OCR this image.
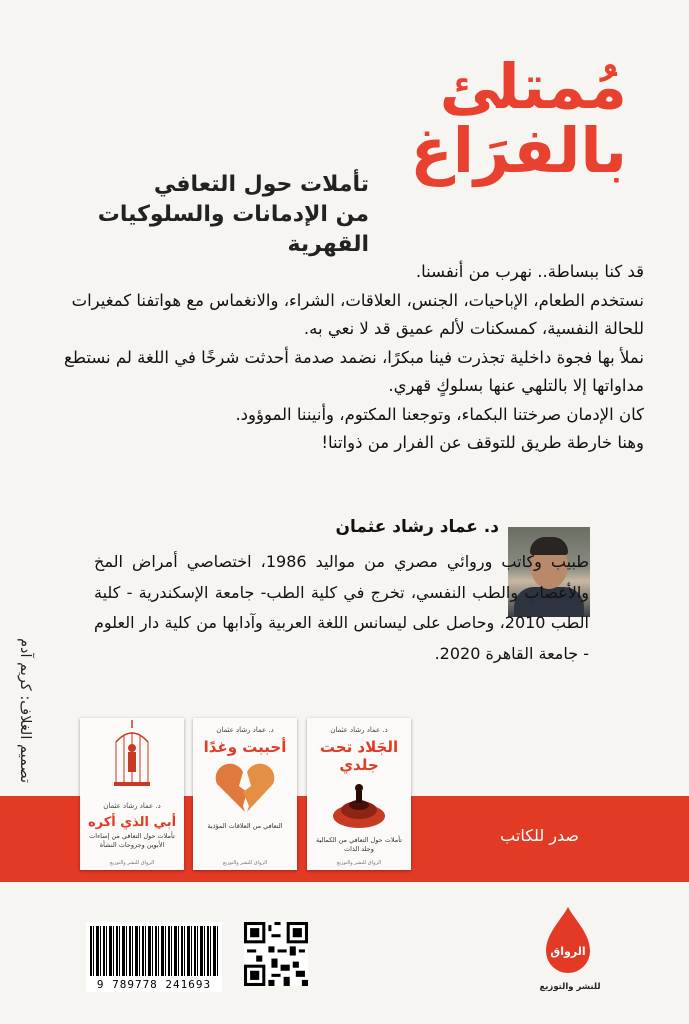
مُمتلئ
بالفرَاغ
تأملات حول التعافي
من الإدمانات والسلوكيات القهرية

قد كنا ببساطة.. نهرب من أنفسنا.

نستخدم الطعام، الإباحيات، الجنس، العلاقات، الشراء، والانغماس مع هواتفنا كمغيرات للحالة النفسية، كمسكنات لألم عميق قد لا نعي به.

نملأ بها فجوة داخلية تجذرت فينا مبكرًا، نضمد صدمة أحدثت شرخًا في اللغة لم نستطع مداواتها إلا بالتلهي عنها بسلوكٍ قهري.

كان الإدمان صرختنا البكماء، وتوجعنا المكتوم، وأنيننا الموؤود.

وهنا خارطة طريق للتوقف عن الفرار من ذواتنا!

د. عماد رشاد عثمان
طبيب وكاتب وروائي مصري من مواليد 1986، اختصاصي أمراض المخ والأعصاب والطب النفسي، تخرج في كلية الطب- جامعة الإسكندرية - كلية الطب 2010، وحاصل على ليسانس اللغة العربية وآدابها من كلية دار العلوم - جامعة القاهرة 2020.
تصميم الغلاف: كريم آدم
صدر للكاتب
د. عماد رشاد عثمان
الجَلاد تحت جلدي
تأملات حول التعافي من الكمالية وجلد الذات
الرواق للنشر والتوزيع
د. عماد رشاد عثمان
أحببت وغدًا
التعافي من العلاقات المؤذية
الرواق للنشر والتوزيع
د. عماد رشاد عثمان
أبي الذي أكره
تأملات حول التعافي من إساءات الأبوين وجروحات النشأة
الرواق للنشر والتوزيع
9 789778 241693
الرواق
للنشر والتوزيع
